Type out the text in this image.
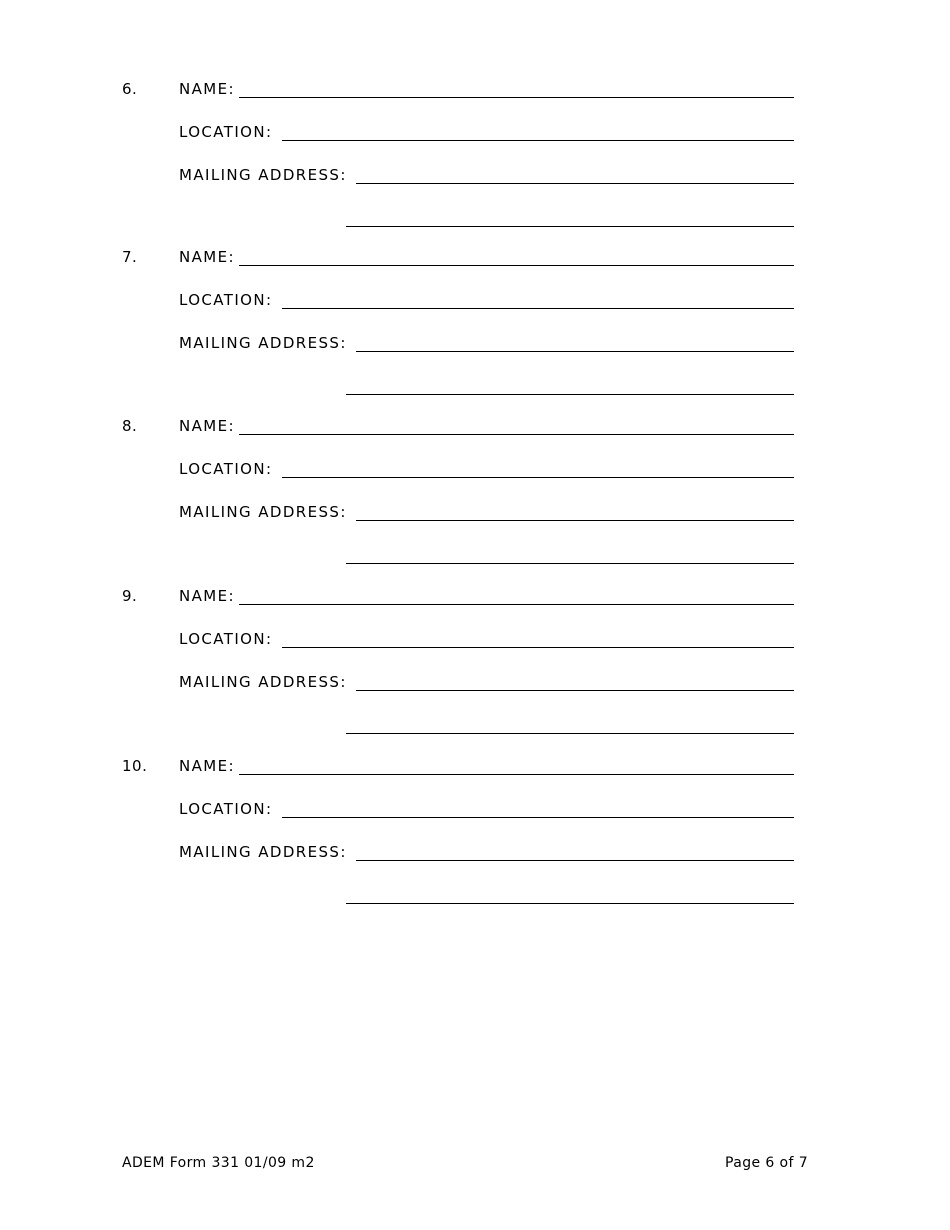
6.	NAME:
LOCATION:
MAILING ADDRESS:
7.	NAME:
LOCATION:
MAILING ADDRESS:
8.	NAME:
LOCATION:
MAILING ADDRESS:
9.	NAME:
LOCATION:
MAILING ADDRESS:
10. NAME:
LOCATION:
MAILING ADDRESS:
ADEM Form 331 01/09 m2	Page 6 of 7
